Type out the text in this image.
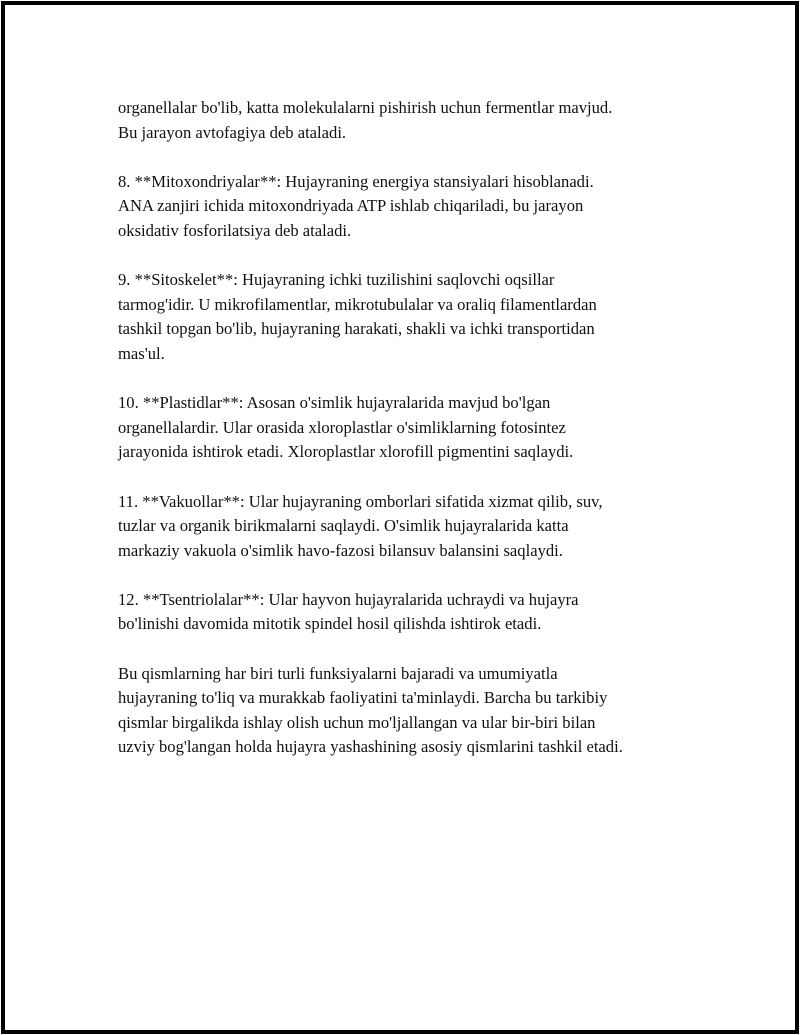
organellalar bo'lib, katta molekulalarni pishirish uchun fermentlar mavjud.
Bu jarayon avtofagiya deb ataladi.

8. **Mitoxondriyalar**: Hujayraning energiya stansiyalari hisoblanadi.
ANA zanjiri ichida mitoxondriyada ATP ishlab chiqariladi, bu jarayon
oksidativ fosforilatsiya deb ataladi.

9. **Sitoskelet**: Hujayraning ichki tuzilishini saqlovchi oqsillar
tarmog'idir. U mikrofilamentlar, mikrotubulalar va oraliq filamentlardan
tashkil topgan bo'lib, hujayraning harakati, shakli va ichki transportidan
mas'ul.

10. **Plastidlar**: Asosan o'simlik hujayralarida mavjud bo'lgan
organellalardir. Ular orasida xloroplastlar o'simliklarning fotosintez
jarayonida ishtirok etadi. Xloroplastlar xlorofill pigmentini saqlaydi.

11. **Vakuollar**: Ular hujayraning omborlari sifatida xizmat qilib, suv,
tuzlar va organik birikmalarni saqlaydi. O'simlik hujayralarida katta
markaziy vakuola o'simlik havo-fazosi bilansuv balansini saqlaydi.

12. **Tsentriolalar**: Ular hayvon hujayralarida uchraydi va hujayra
bo'linishi davomida mitotik spindel hosil qilishda ishtirok etadi.

Bu qismlarning har biri turli funksiyalarni bajaradi va umumiyatla
hujayraning to'liq va murakkab faoliyatini ta'minlaydi. Barcha bu tarkibiy
qismlar birgalikda ishlay olish uchun mo'ljallangan va ular bir-biri bilan
uzviy bog'langan holda hujayra yashashining asosiy qismlarini tashkil etadi.
